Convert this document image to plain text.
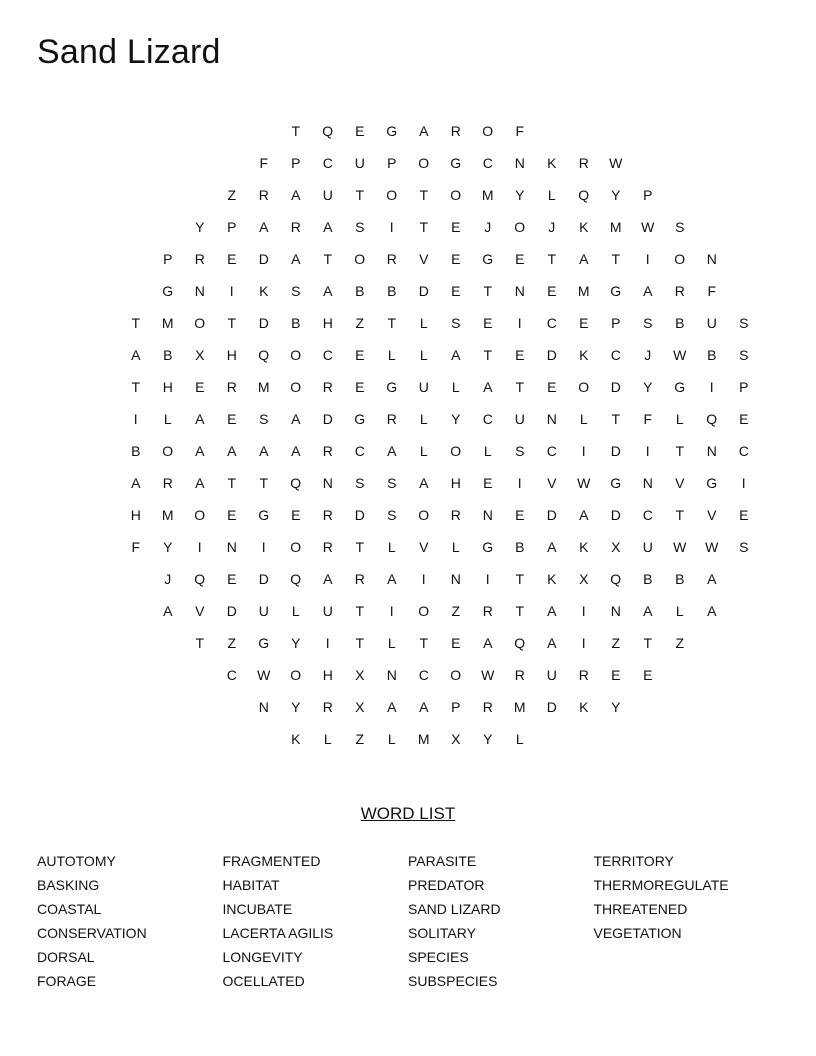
Sand Lizard
T	Q	E	G	A	R	O	F
F	P	C	U	P	O	G	C	N	K	R	W
Z	R	A	U	T	O	T	O	M	Y	L	Q	Y	P
Y	P	A	R	A	S	I	T	E	J	O	J	K	M	W	S
P	R	E	D	A	T	O	R	V	E	G	E	T	A	T	I	O	N
G	N	I	K	S	A	B	B	D	E	T	N	E	M	G	A	R	F
T	M	O	T	D	B	H	Z	T	L	S	E	I	C	E	P	S	B	U	S
A	B	X	H	Q	O	C	E	L	L	A	T	E	D	K	C	J	W	B	S
T	H	E	R	M	O	R	E	G	U	L	A	T	E	O	D	Y	G	I	P
I	L	A	E	S	A	D	G	R	L	Y	C	U	N	L	T	F	L	Q	E
B	O	A	A	A	A	R	C	A	L	O	L	S	C	I	D	I	T	N	C
A	R	A	T	T	Q	N	S	S	A	H	E	I	V	W	G	N	V	G	I
H	M	O	E	G	E	R	D	S	O	R	N	E	D	A	D	C	T	V	E
F	Y	I	N	I	O	R	T	L	V	L	G	B	A	K	X	U	W	W	S
J	Q	E	D	Q	A	R	A	I	N	I	T	K	X	Q	B	B	A
A	V	D	U	L	U	T	I	O	Z	R	T	A	I	N	A	L	A
T	Z	G	Y	I	T	L	T	E	A	Q	A	I	Z	T	Z
C	W	O	H	X	N	C	O	W	R	U	R	E	E
N	Y	R	X	A	A	P	R	M	D	K	Y
K	L	Z	L	M	X	Y	L
WORD LIST
AUTOTOMY
BASKING
COASTAL
CONSERVATION
DORSAL
FORAGE
FRAGMENTED
HABITAT
INCUBATE
LACERTA AGILIS
LONGEVITY
OCELLATED
PARASITE
PREDATOR
SAND LIZARD
SOLITARY
SPECIES
SUBSPECIES
TERRITORY
THERMOREGULATE
THREATENED
VEGETATION
